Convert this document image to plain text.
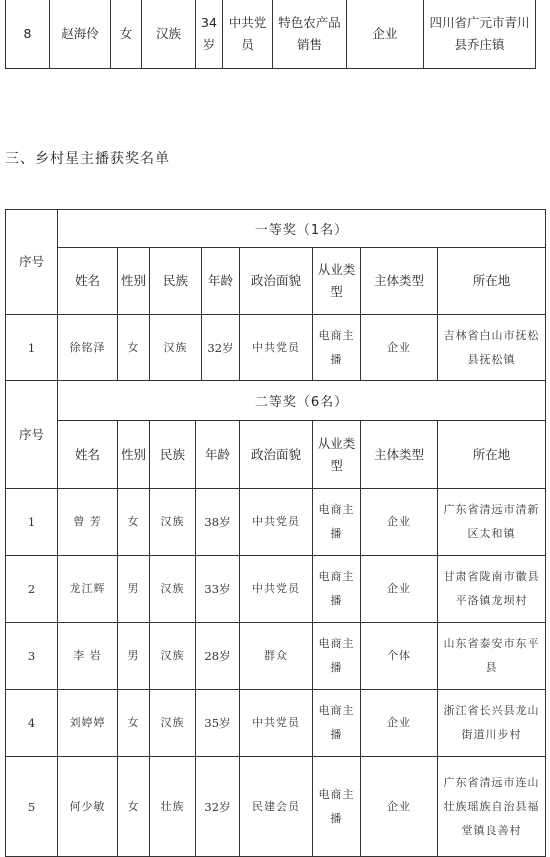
8	赵海伶	女	汉族	34岁	中共党员	特色农产品销售	企业	四川省广元市青川县乔庄镇
三、乡村星主播获奖名单
序号	一等奖（1名）							
	姓名	性别	民族	年龄	政治面貌	从业类型	主体类型	所在地
1	徐铭泽	女	汉族	32岁	中共党员	电商主播	企业	吉林省白山市抚松县抚松镇
序号	二等奖（6名）							
	姓名	性别	民族	年龄	政治面貌	从业类型	主体类型	所在地
1	曾 芳	女	汉族	38岁	中共党员	电商主播	企业	广东省清远市清新区太和镇
2	龙江辉	男	汉族	33岁	中共党员	电商主播	企业	甘肃省陇南市徽县平洛镇龙坝村
3	李 岩	男	汉族	28岁	群众	电商主播	个体	山东省泰安市东平县
4	刘婷婷	女	汉族	35岁	中共党员	电商主播	企业	浙江省长兴县龙山街道川步村
5	何少敏	女	壮族	32岁	民建会员	电商主播	企业	广东省清远市连山壮族瑶族自治县福堂镇良善村
